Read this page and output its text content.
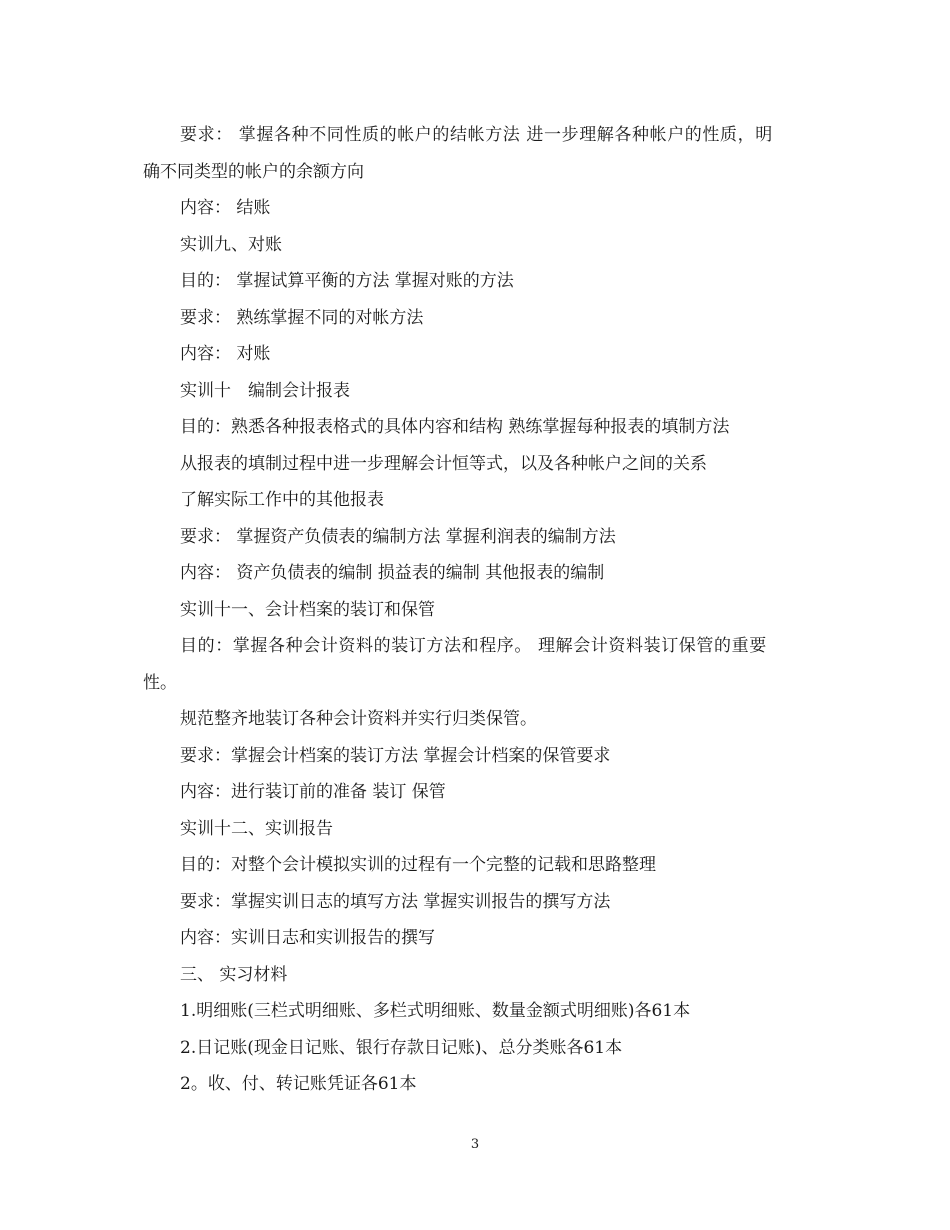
要求： 掌握各种不同性质的帐户的结帐方法 进一步理解各种帐户的性质，明
确不同类型的帐户的余额方向
内容： 结账
实训九、对账
目的： 掌握试算平衡的方法 掌握对账的方法
要求： 熟练掌握不同的对帐方法
内容： 对账
实训十　编制会计报表
目的：熟悉各种报表格式的具体内容和结构 熟练掌握每种报表的填制方法
从报表的填制过程中进一步理解会计恒等式，以及各种帐户之间的关系
了解实际工作中的其他报表
要求： 掌握资产负债表的编制方法 掌握利润表的编制方法
内容： 资产负债表的编制 损益表的编制 其他报表的编制
实训十一、会计档案的装订和保管
目的：掌握各种会计资料的装订方法和程序。 理解会计资料装订保管的重要
性。
规范整齐地装订各种会计资料并实行归类保管。
要求：掌握会计档案的装订方法 掌握会计档案的保管要求
内容：进行装订前的准备 装订 保管
实训十二、实训报告
目的：对整个会计模拟实训的过程有一个完整的记载和思路整理
要求：掌握实训日志的填写方法 掌握实训报告的撰写方法
内容：实训日志和实训报告的撰写
三、 实习材料
1.明细账(三栏式明细账、多栏式明细账、数量金额式明细账)各61本
2.日记账(现金日记账、银行存款日记账)、总分类账各61本
2。收、付、转记账凭证各61本
3
